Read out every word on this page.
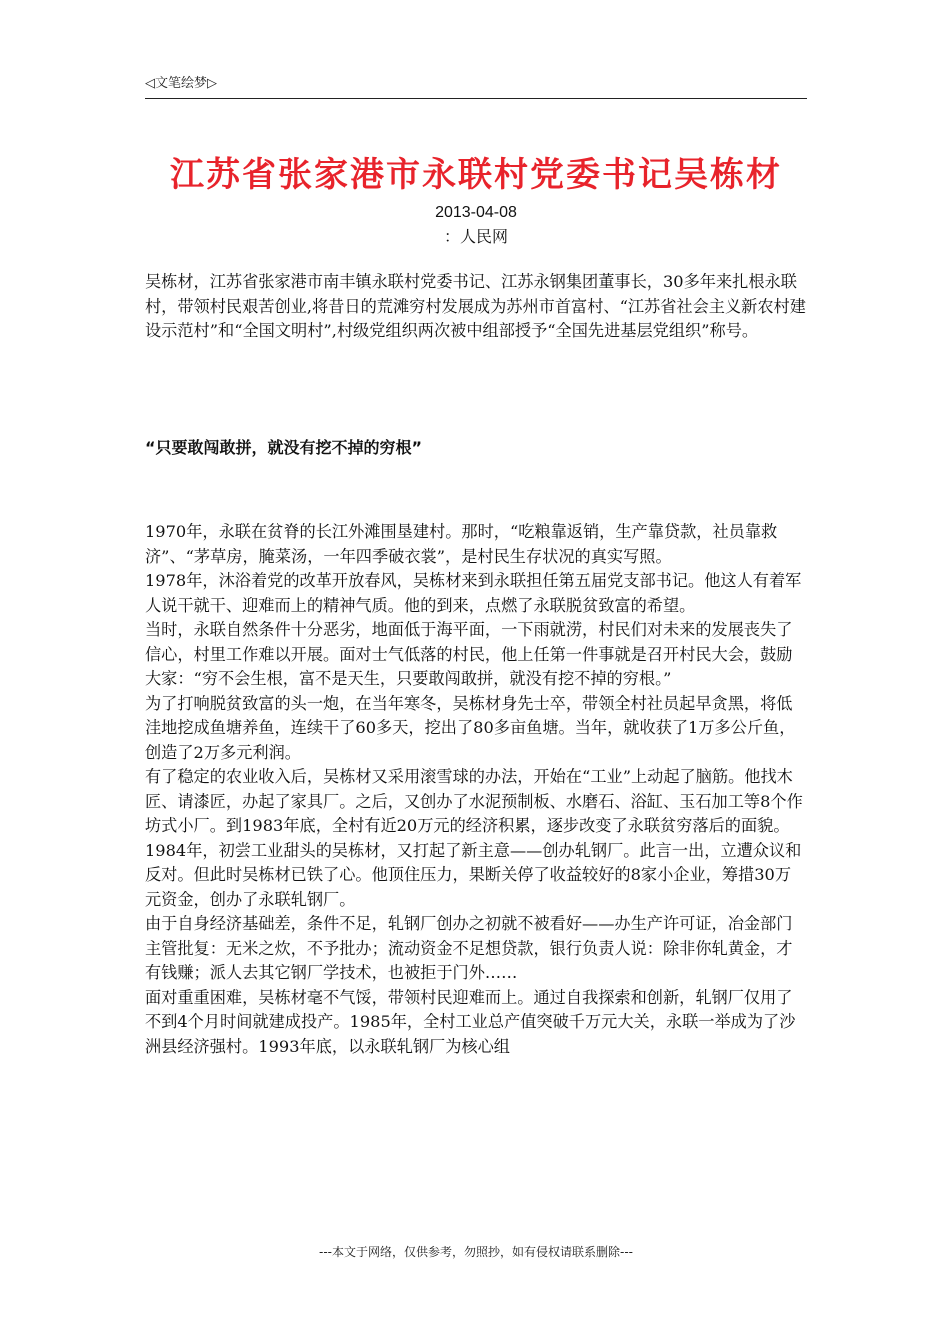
◁文笔绘梦▷
江苏省张家港市永联村党委书记吴栋材
2013-04-08
：人民网

吴栋材，江苏省张家港市南丰镇永联村党委书记、江苏永钢集团董事长，30多年来扎根永联村，带领村民艰苦创业,将昔日的荒滩穷村发展成为苏州市首富村、“江苏省社会主义新农村建设示范村”和“全国文明村”,村级党组织两次被中组部授予“全国先进基层党组织”称号。

“只要敢闯敢拼，就没有挖不掉的穷根”

1970年，永联在贫脊的长江外滩围垦建村。那时，“吃粮靠返销，生产靠贷款，社员靠救济”、“茅草房，腌菜汤，一年四季破衣裳”，是村民生存状况的真实写照。

1978年，沐浴着党的改革开放春风，吴栋材来到永联担任第五届党支部书记。他这人有着军人说干就干、迎难而上的精神气质。他的到来，点燃了永联脱贫致富的希望。

当时，永联自然条件十分恶劣，地面低于海平面，一下雨就涝，村民们对未来的发展丧失了信心，村里工作难以开展。面对士气低落的村民，他上任第一件事就是召开村民大会，鼓励大家：“穷不会生根，富不是天生，只要敢闯敢拼，就没有挖不掉的穷根。”

为了打响脱贫致富的头一炮，在当年寒冬，吴栋材身先士卒，带领全村社员起早贪黑，将低洼地挖成鱼塘养鱼，连续干了60多天，挖出了80多亩鱼塘。当年，就收获了1万多公斤鱼，创造了2万多元利润。

有了稳定的农业收入后，吴栋材又采用滚雪球的办法，开始在“工业”上动起了脑筋。他找木匠、请漆匠，办起了家具厂。之后，又创办了水泥预制板、水磨石、浴缸、玉石加工等8个作坊式小厂。到1983年底，全村有近20万元的经济积累，逐步改变了永联贫穷落后的面貌。

1984年，初尝工业甜头的吴栋材，又打起了新主意——创办轧钢厂。此言一出，立遭众议和反对。但此时吴栋材已铁了心。他顶住压力，果断关停了收益较好的8家小企业，筹措30万元资金，创办了永联轧钢厂。

由于自身经济基础差，条件不足，轧钢厂创办之初就不被看好——办生产许可证，冶金部门主管批复：无米之炊，不予批办；流动资金不足想贷款，银行负责人说：除非你轧黄金，才有钱赚；派人去其它钢厂学技术，也被拒于门外……

面对重重困难，吴栋材毫不气馁，带领村民迎难而上。通过自我探索和创新，轧钢厂仅用了不到4个月时间就建成投产。1985年，全村工业总产值突破千万元大关，永联一举成为了沙洲县经济强村。1993年底，以永联轧钢厂为核心组

---本文于网络，仅供参考，勿照抄，如有侵权请联系删除---
